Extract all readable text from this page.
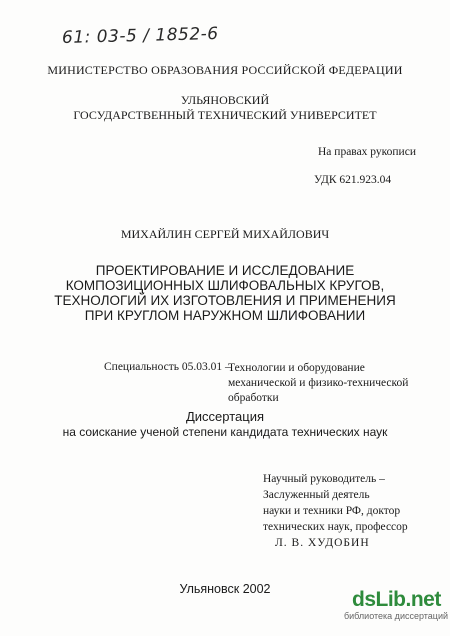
61: 03-5 / 1852-6
МИНИСТЕРСТВО ОБРАЗОВАНИЯ РОССИЙСКОЙ ФЕДЕРАЦИИ
УЛЬЯНОВСКИЙ
ГОСУДАРСТВЕННЫЙ ТЕХНИЧЕСКИЙ УНИВЕРСИТЕТ
На правах рукописи
УДК 621.923.04
МИХАЙЛИН СЕРГЕЙ МИХАЙЛОВИЧ
ПРОЕКТИРОВАНИЕ И ИССЛЕДОВАНИЕ
КОМПОЗИЦИОННЫХ ШЛИФОВАЛЬНЫХ КРУГОВ,
ТЕХНОЛОГИЙ ИХ ИЗГОТОВЛЕНИЯ И ПРИМЕНЕНИЯ
ПРИ КРУГЛОМ НАРУЖНОМ ШЛИФОВАНИИ
Специальность 05.03.01 –
Технологии и оборудование
механической и физико-технической
обработки
Диссертация
на соискание ученой степени кандидата технических наук
Научный руководитель –
Заслуженный деятель
науки и техники РФ, доктор
технических наук, профессор
Л. В. ХУДОБИН
Ульяновск 2002	dsLib.net
библиотека диссертаций
